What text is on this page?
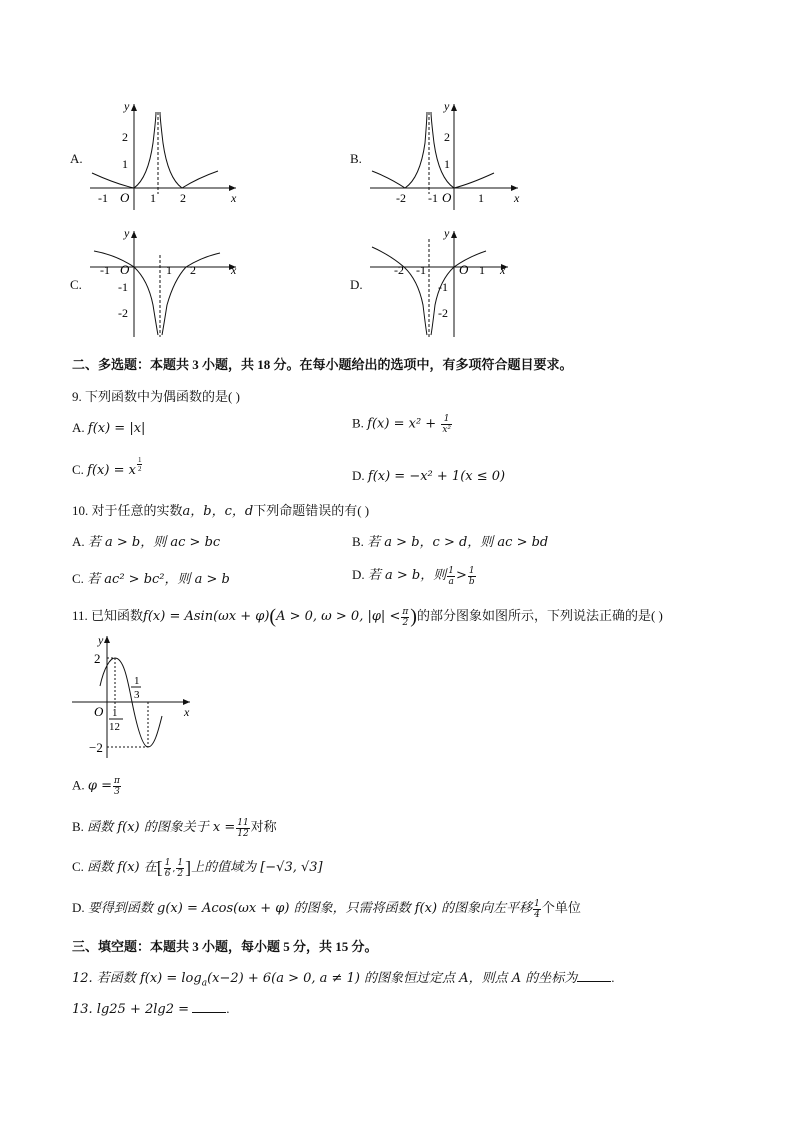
A.
y
x
O
-1	1 2
2
1	B.
y
x
O
-2 -1	1
2
1
C.
y
x
O
-1	1 2
-1
-2
D.
y
x
O
-2 -1	1
-1
-2
二、多选题：本题共 3 小题，共 18 分。在每小题给出的选项中，有多项符合题目要求。
9. 下列函数中为偶函数的是( )
A. f(x) = |x|	B. $f(x) = x^2 + \frac{1}{\text{x²}}$
C. f(x) = x $\frac{1}{2}$
D. f(x) = −x² + 1(x ≤ 0)
10. 对于任意的实数a，b，c，d下列命题错误的有( )
A. 若 a > b，则 ac > bc	B. 若 a > b，c > d，则 ac > bd
C. 若 ac² > bc²，则 a > b	D. 若 a > b，则 $\frac{1}{a} > \frac{1}{b}$
11. 已知函数f(x) = Asin(ωx + φ)(A > 0, ω > 0, $|\varphi| < \frac{\pi}{2}$ )的部分图象如图所示，下列说法正确的是( )
y
x
O
2
−2
1
12
1
3
A. $\varphi = \frac{\pi}{3}$
B. 函数 f(x) 的图象关于 $x = \frac{11}{12}$ 对称
C. 函数 f(x) 在[ $\frac{1}{6}$ , $\frac{1}{2}$ ]上的值域为 [−√3, √3]
D. 要得到函数 g(x) = Acos(ωx + φ) 的图象，只需将函数 f(x) 的图象向左平移 $\frac{1}{4}$ 个单位
三、填空题：本题共 3 小题，每小题 5 分，共 15 分。
12. 若函数 $f(x) = \log_a(x-2) + 6(a > 0$, a ≠ 1) 的图象恒过定点 A，则点 A 的坐标为	.
13. lg25 + 2lg2 =	.
